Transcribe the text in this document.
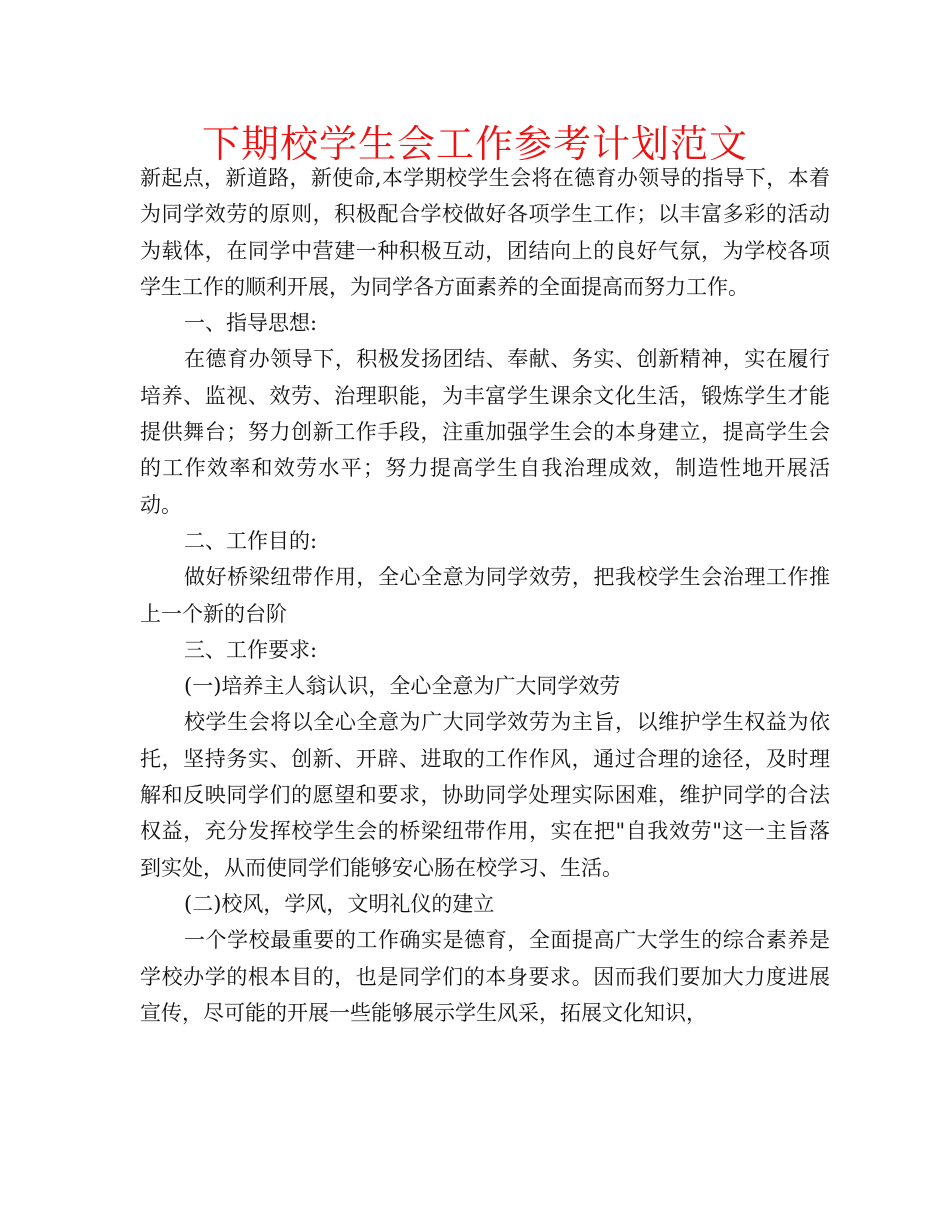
下期校学生会工作参考计划范文

新起点，新道路，新使命,本学期校学生会将在德育办领导的指导下，本着为同学效劳的原则，积极配合学校做好各项学生工作；以丰富多彩的活动为载体，在同学中营建一种积极互动，团结向上的良好气氛，为学校各项学生工作的顺利开展，为同学各方面素养的全面提高而努力工作。

一、指导思想:

在德育办领导下，积极发扬团结、奉献、务实、创新精神，实在履行培养、监视、效劳、治理职能，为丰富学生课余文化生活，锻炼学生才能提供舞台；努力创新工作手段，注重加强学生会的本身建立，提高学生会的工作效率和效劳水平；努力提高学生自我治理成效，制造性地开展活动。

二、工作目的:

做好桥梁纽带作用，全心全意为同学效劳，把我校学生会治理工作推上一个新的台阶

三、工作要求:

(一)培养主人翁认识，全心全意为广大同学效劳

校学生会将以全心全意为广大同学效劳为主旨，以维护学生权益为依托，坚持务实、创新、开辟、进取的工作作风，通过合理的途径，及时理解和反映同学们的愿望和要求，协助同学处理实际困难，维护同学的合法权益，充分发挥校学生会的桥梁纽带作用，实在把"自我效劳"这一主旨落到实处，从而使同学们能够安心肠在校学习、生活。

(二)校风，学风，文明礼仪的建立

一个学校最重要的工作确实是德育，全面提高广大学生的综合素养是学校办学的根本目的，也是同学们的本身要求。因而我们要加大力度进展宣传，尽可能的开展一些能够展示学生风采，拓展文化知识，
